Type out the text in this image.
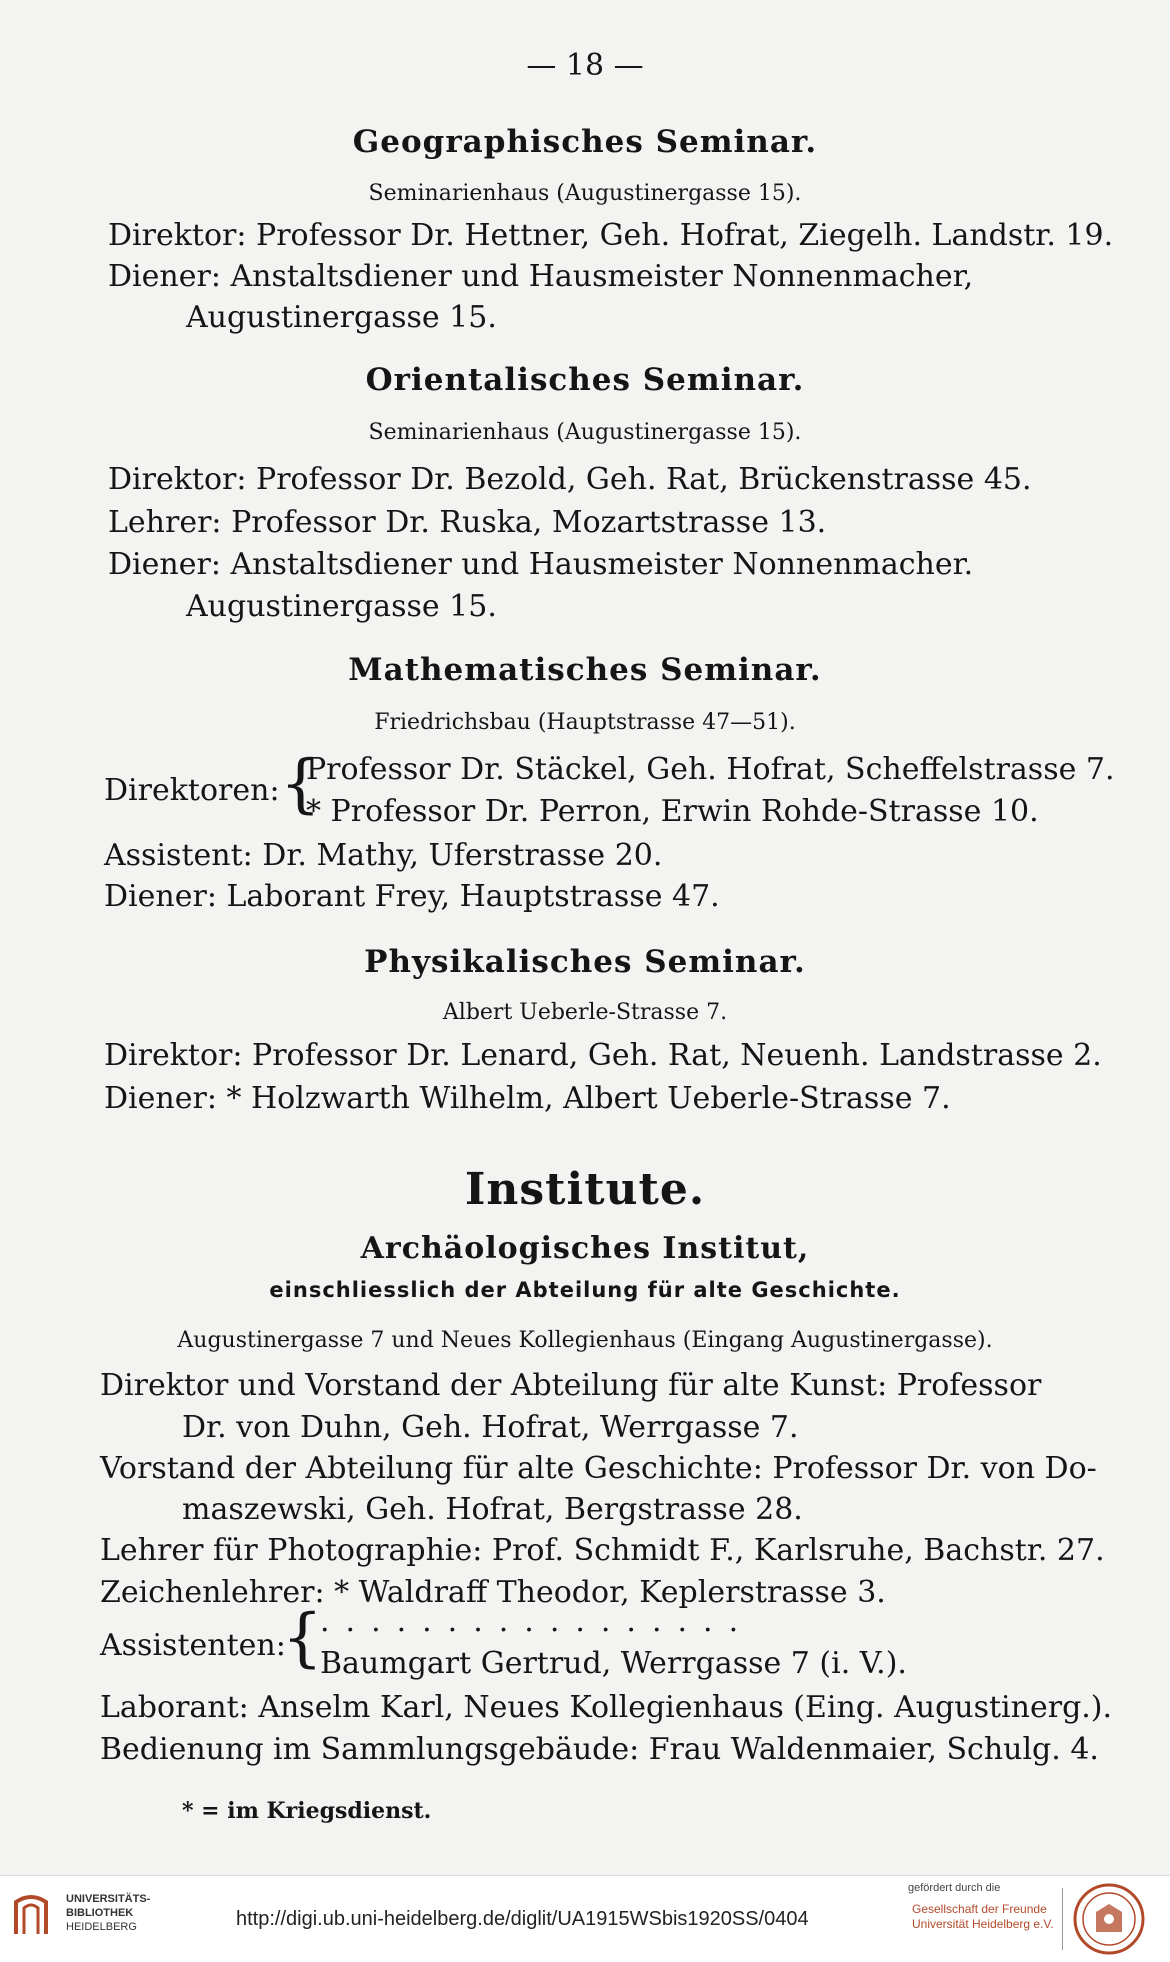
— 18 —
Geographisches Seminar.
Seminarienhaus (Augustinergasse 15).
Direktor: Professor Dr. Hettner, Geh. Hofrat, Ziegelh. Landstr. 19.
Diener: Anstaltsdiener und Hausmeister Nonnenmacher,
Augustinergasse 15.
Orientalisches Seminar.
Seminarienhaus (Augustinergasse 15).
Direktor: Professor Dr. Bezold, Geh. Rat, Brückenstrasse 45.
Lehrer: Professor Dr. Ruska, Mozartstrasse 13.
Diener: Anstaltsdiener und Hausmeister Nonnenmacher.
Augustinergasse 15.
Mathematisches Seminar.
Friedrichsbau (Hauptstrasse 47—51).
Direktoren: {
Professor Dr. Stäckel, Geh. Hofrat, Scheffelstrasse 7.
* Professor Dr. Perron, Erwin Rohde-Strasse 10.
Assistent: Dr. Mathy, Uferstrasse 20.
Diener: Laborant Frey, Hauptstrasse 47.
Physikalisches Seminar.
Albert Ueberle-Strasse 7.
Direktor: Professor Dr. Lenard, Geh. Rat, Neuenh. Landstrasse 2.
Diener: * Holzwarth Wilhelm, Albert Ueberle-Strasse 7.
Institute.
Archäologisches Institut,
einschliesslich der Abteilung für alte Geschichte.
Augustinergasse 7 und Neues Kollegienhaus (Eingang Augustinergasse).
Direktor und Vorstand der Abteilung für alte Kunst: Professor
Dr. von Duhn, Geh. Hofrat, Werrgasse 7.
Vorstand der Abteilung für alte Geschichte: Professor Dr. von Do-
maszewski, Geh. Hofrat, Bergstrasse 28.
Lehrer für Photographie: Prof. Schmidt F., Karlsruhe, Bachstr. 27.
Zeichenlehrer: * Waldraff Theodor, Keplerstrasse 3.
Assistenten:
{
.................
Baumgart Gertrud, Werrgasse 7 (i. V.).
Laborant: Anselm Karl, Neues Kollegienhaus (Eing. Augustinerg.).
Bedienung im Sammlungsgebäude: Frau Waldenmaier, Schulg. 4.
* = im Kriegsdienst.
UNIVERSITÄTS-
BIBLIOTHEK
HEIDELBERG	http://digi.ub.uni-heidelberg.de/diglit/UA1915WSbis1920SS/0404
gefördert durch die
Gesellschaft der Freunde
Universität Heidelberg e.V.
